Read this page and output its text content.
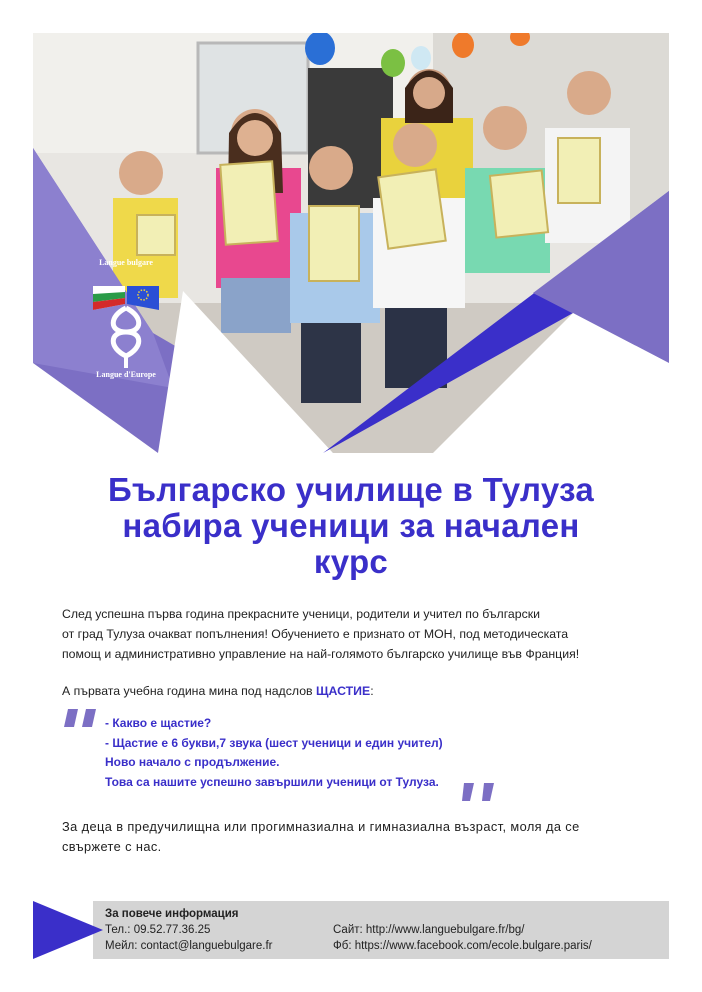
Langue bulgare
Langue d'Europe
Българско училище в Тулуза
набира ученици за начален
курс
След успешна първа година прекрасните ученици, родители и учител по български
от град Тулуза очакват попълнения! Обучението е признато от МОН, под методическата
помощ и административно управление на най-голямото българско училище във Франция!
А първата учебна година мина под надслов ЩАСТИЕ:
- Какво е щастие?
- Щастие е 6 букви,7 звука (шест ученици и един учител)
Ново начало с продължение.
Това са нашите успешно завършили ученици от Тулуза.
За деца в предучилищна или прогимназиална и гимназиална възраст, моля да се
свържете с нас.
За повече информация
Тел.: 09.52.77.36.25
Мейл: contact@languebulgare.fr
Сайт: http://www.languebulgare.fr/bg/
Фб: https://www.facebook.com/ecole.bulgare.paris/
